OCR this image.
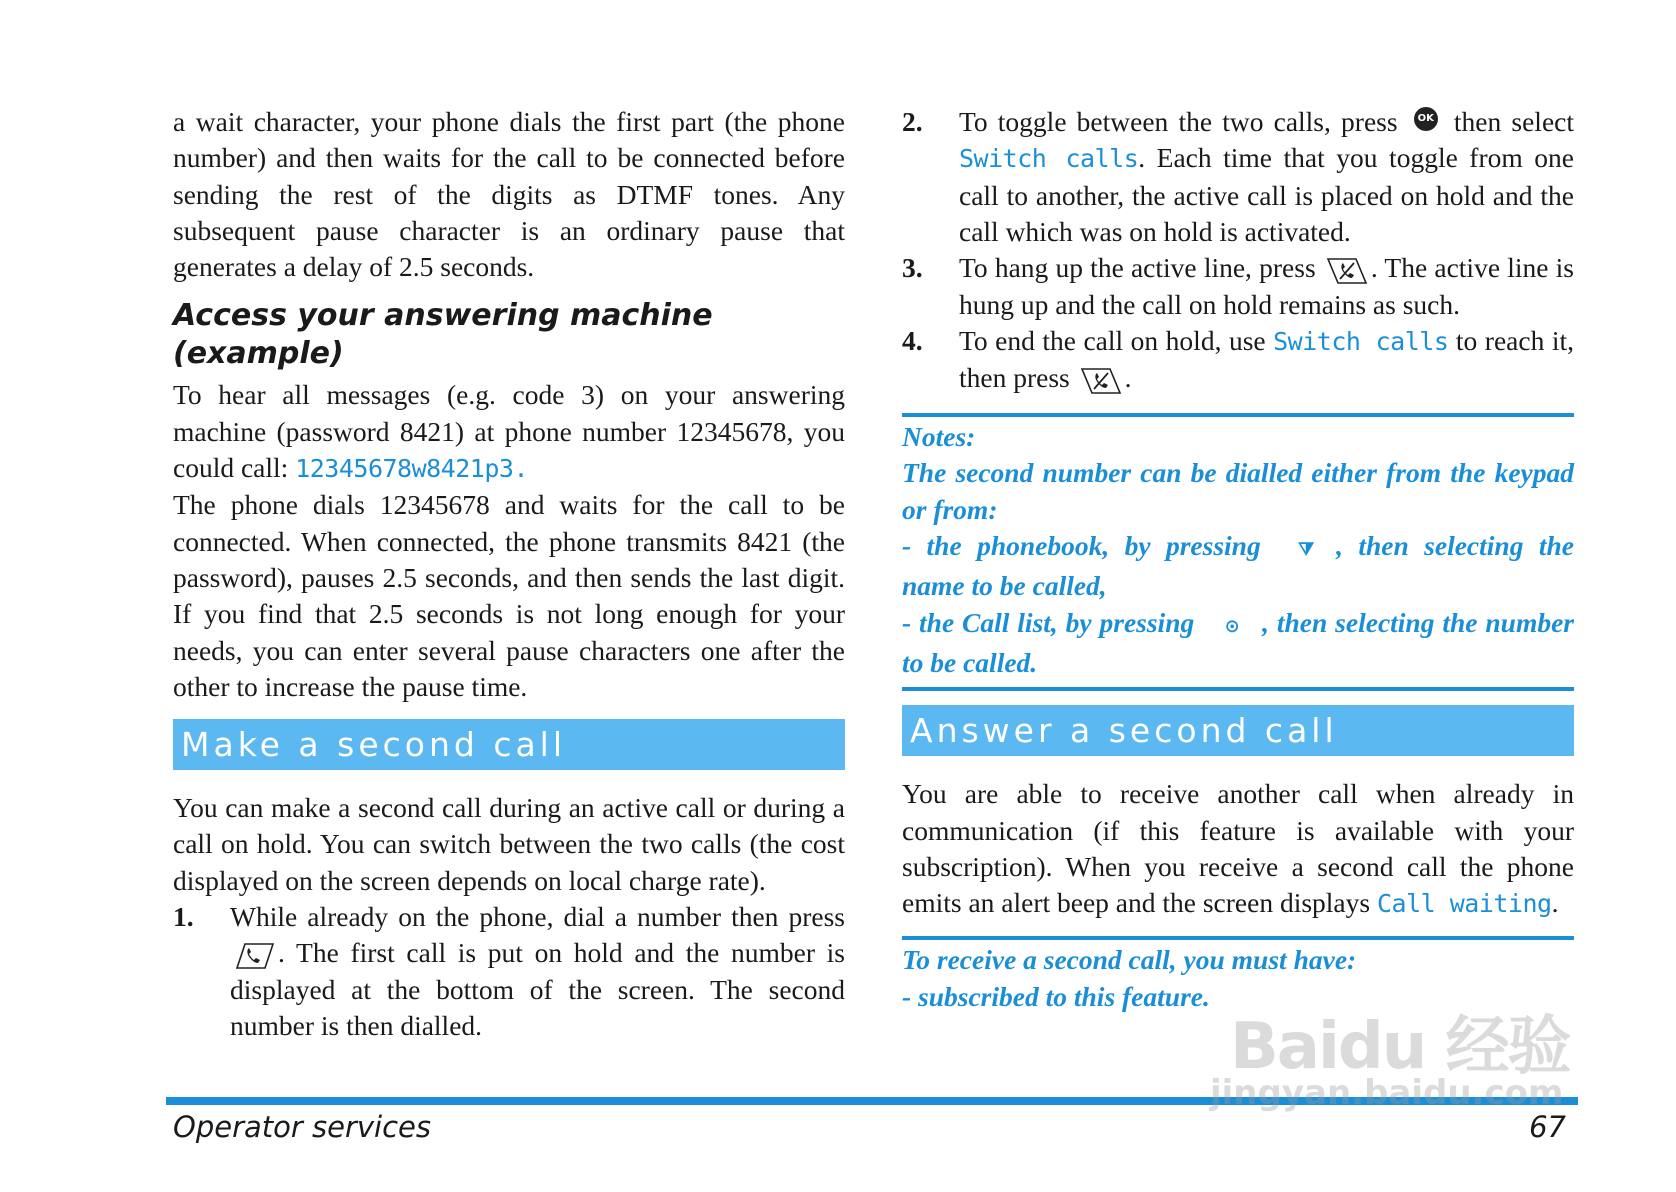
a wait character, your phone dials the first part (the phone number) and then waits for the call to be connected before sending the rest of the digits as DTMF tones. Any subsequent pause character is an ordinary pause that generates a delay of 2.5 seconds.

Access your answering machine (example)

To hear all messages (e.g. code 3) on your answering machine (password 8421) at phone number 12345678, you could call: 12345678w8421p3.

The phone dials 12345678 and waits for the call to be connected. When connected, the phone transmits 8421 (the password), pauses 2.5 seconds, and then sends the last digit. If you find that 2.5 seconds is not long enough for your needs, you can enter several pause characters one after the other to increase the pause time.

Make a second call

You can make a second call during an active call or during a call on hold. You can switch between the two calls (the cost displayed on the screen depends on local charge rate).

1. While already on the phone, dial a number then press
. The first call is put on hold and the number is displayed at the bottom of the screen. The second number is then dialled.
2. To toggle between the two calls, press OK then select Switch calls. Each time that you toggle from one call to another, the active call is placed on hold and the call which was on hold is activated.
3. To hang up the active line, press
. The active line is hung up and the call on hold remains as such.
4. To end the call on hold, use Switch calls to reach it, then press
.

Notes:

The second number can be dialled either from the keypad or from:

- the phonebook, by pressing ⧩ , then selecting the name to be called,

- the Call list, by pressing ⊙ , then selecting the number to be called.

Answer a second call

You are able to receive another call when already in communication (if this feature is available with your subscription). When you receive a second call the phone emits an alert beep and the screen displays Call waiting.

To receive a second call, you must have:

- subscribed to this feature.

Operator services	67
Baidu 经验
jingyan.baidu.com
